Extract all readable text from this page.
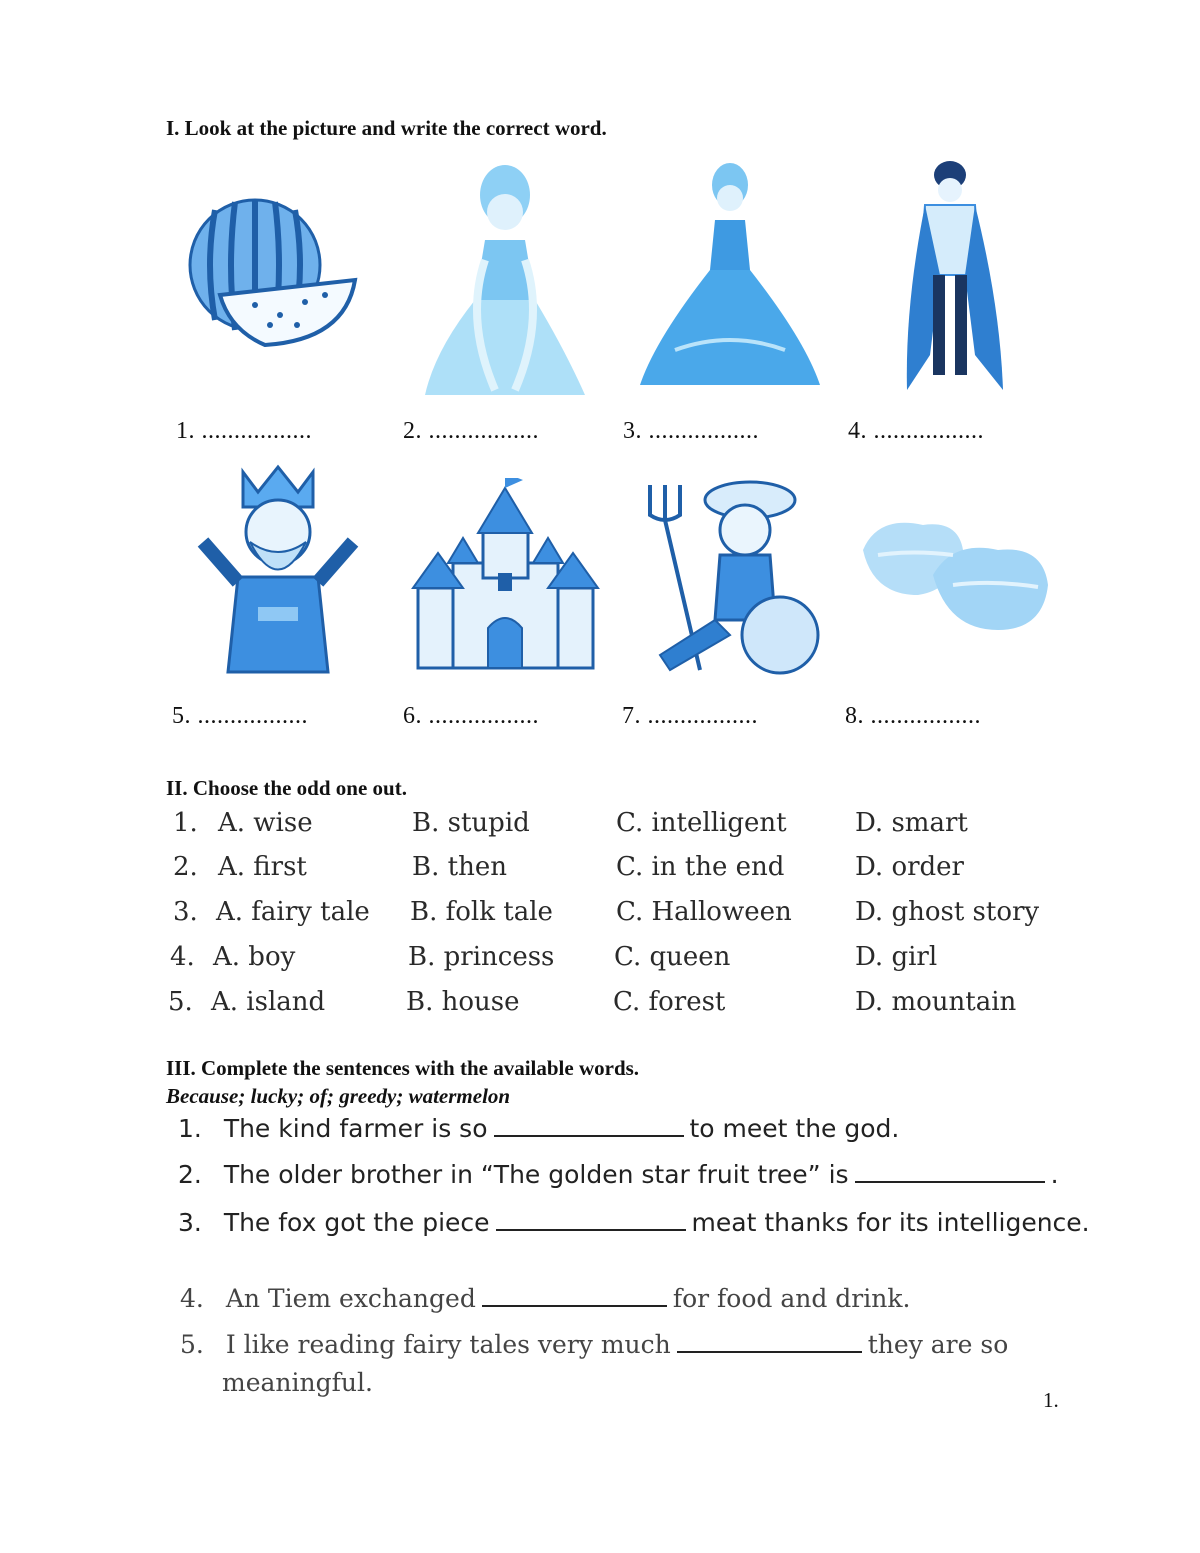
I. Look at the picture and write the correct word.
1. .................	2. .................	3. .................	4. .................
5. .................	6. .................	7. .................	8. .................
II. Choose the odd one out.
1. A. wise	B. stupid	C. intelligent	D. smart
2. A. first	B. then	C. in the end	D. order
3. A. fairy tale B. folk tale C. Halloween D. ghost story
4. A. boy	B. princess C. queen	D. girl
5. A. island	B. house	C. forest	D. mountain
III. Complete the sentences with the available words.
Because; lucky; of; greedy; watermelon
1. The kind farmer is so	to meet the god.
2. The older brother in “The golden star fruit tree” is	.
3. The fox got the piece	meat thanks for its intelligence.
4. An Tiem exchanged	for food and drink.
5. I like reading fairy tales very much	they are so
meaningful.
1.
